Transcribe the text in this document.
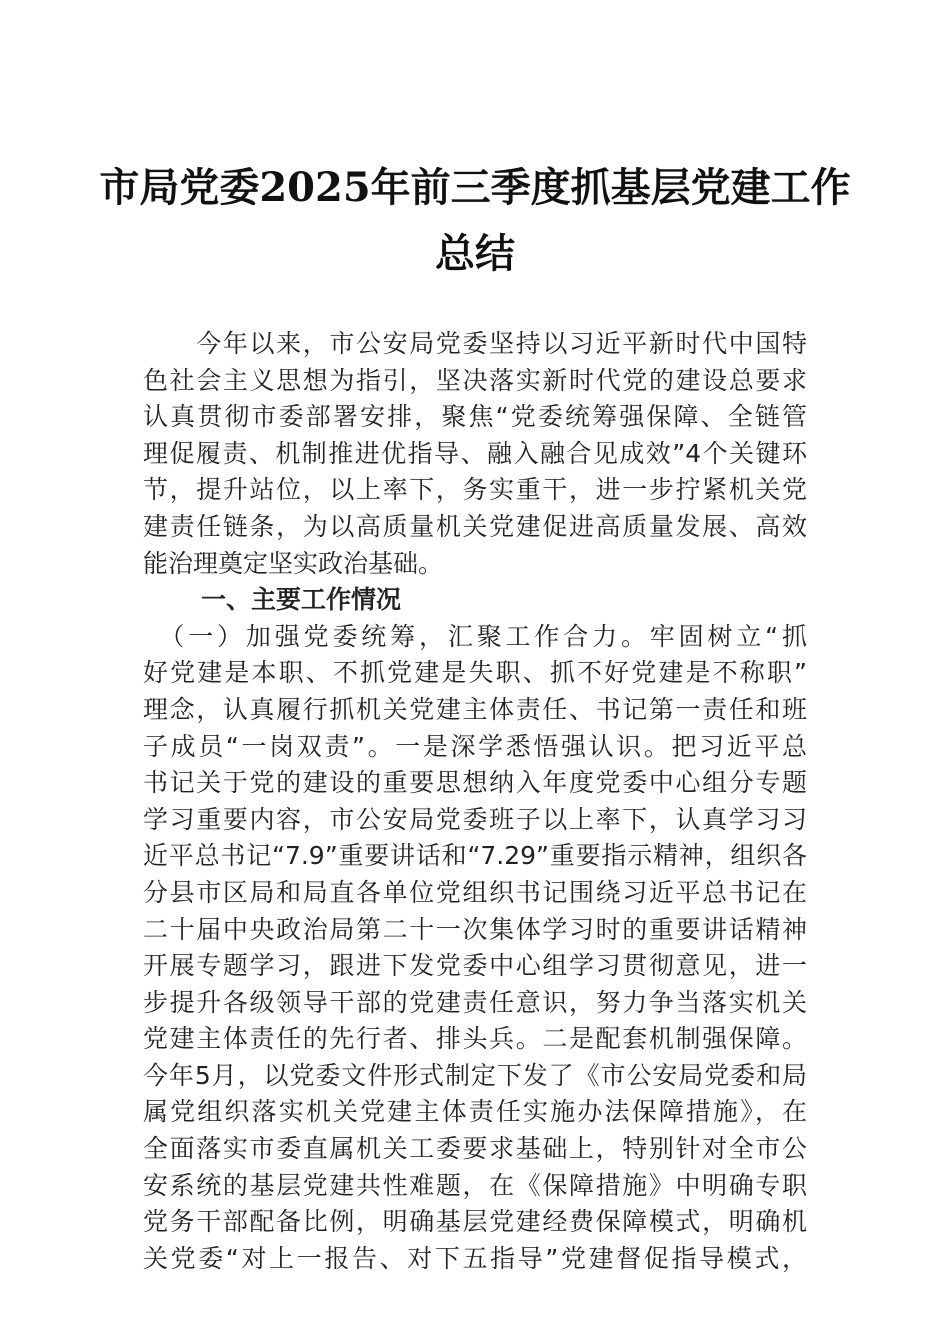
市局党委2025年前三季度抓基层党建工作
总结
　　今年以来，市公安局党委坚持以习近平新时代中国特
色社会主义思想为指引，坚决落实新时代党的建设总要求
认真贯彻市委部署安排，聚焦“党委统筹强保障、全链管
理促履责、机制推进优指导、融入融合见成效”4个关键环
节，提升站位，以上率下，务实重干，进一步拧紧机关党
建责任链条，为以高质量机关党建促进高质量发展、高效
能治理奠定坚实政治基础。
一、主要工作情况
　（一）加强党委统筹，汇聚工作合力。牢固树立“抓
好党建是本职、不抓党建是失职、抓不好党建是不称职”
理念，认真履行抓机关党建主体责任、书记第一责任和班
子成员“一岗双责”。一是深学悉悟强认识。把习近平总
书记关于党的建设的重要思想纳入年度党委中心组分专题
学习重要内容，市公安局党委班子以上率下，认真学习习
近平总书记“7.9”重要讲话和“7.29”重要指示精神，组织各
分县市区局和局直各单位党组织书记围绕习近平总书记在
二十届中央政治局第二十一次集体学习时的重要讲话精神
开展专题学习，跟进下发党委中心组学习贯彻意见，进一
步提升各级领导干部的党建责任意识，努力争当落实机关
党建主体责任的先行者、排头兵。二是配套机制强保障。
今年5月，以党委文件形式制定下发了《市公安局党委和局
属党组织落实机关党建主体责任实施办法保障措施》，在
全面落实市委直属机关工委要求基础上，特别针对全市公
安系统的基层党建共性难题，在《保障措施》中明确专职
党务干部配备比例，明确基层党建经费保障模式，明确机
关党委“对上一报告、对下五指导”党建督促指导模式，
